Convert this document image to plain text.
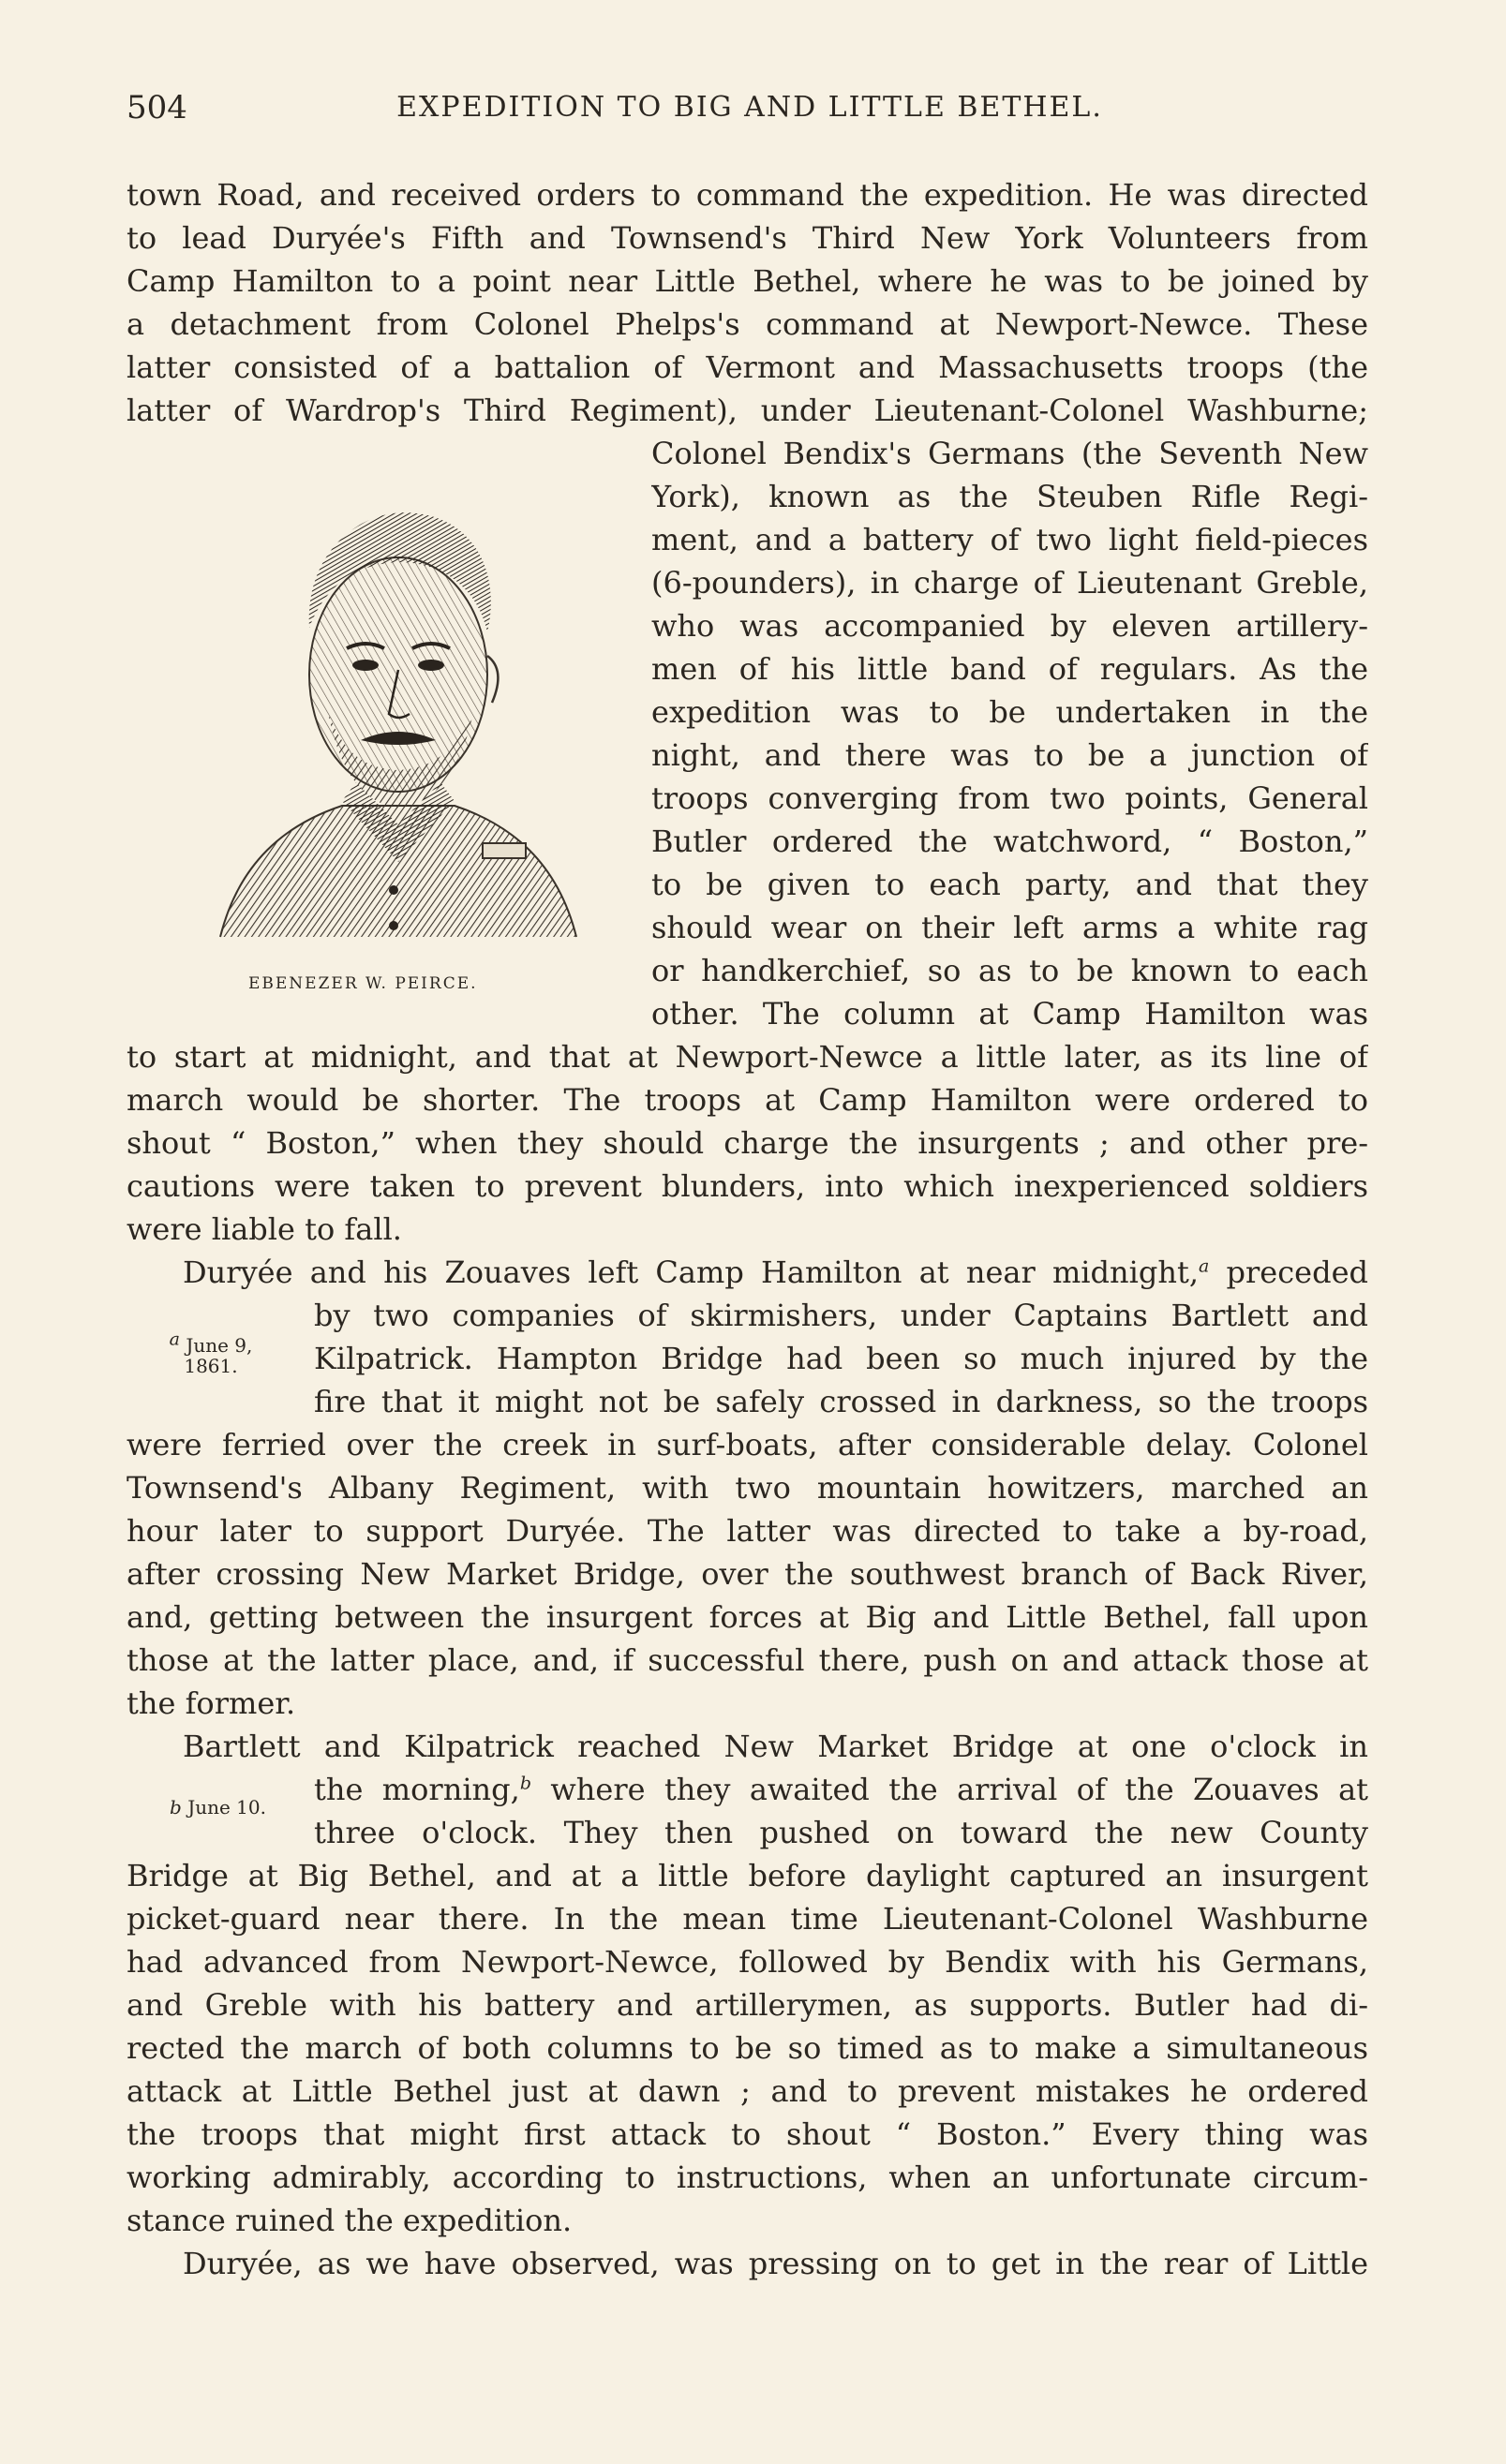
504	EXPEDITION TO BIG AND LITTLE BETHEL.
EBENEZER W. PEIRCE.
$^a$ June 9,
1861.
b June 10.
town Road, and received orders to command the expedition. He was directed
to lead Duryée's Fifth and Townsend's Third New York Volunteers from
Camp Hamilton to a point near Little Bethel, where he was to be joined by
a detachment from Colonel Phelps's command at Newport-Newce. These
latter consisted of a battalion of Vermont and Massachusetts troops (the
latter of Wardrop's Third Regiment), under Lieutenant-Colonel Washburne;
Colonel Bendix's Germans (the Seventh New
York), known as the Steuben Rifle Regi-
ment, and a battery of two light field-pieces
(6-pounders), in charge of Lieutenant Greble,
who was accompanied by eleven artillery-
men of his little band of regulars. As the
expedition was to be undertaken in the
night, and there was to be a junction of
troops converging from two points, General
Butler ordered the watchword, “ Boston,”
to be given to each party, and that they
should wear on their left arms a white rag
or handkerchief, so as to be known to each
other. The column at Camp Hamilton was
to start at midnight, and that at Newport-Newce a little later, as its line of
march would be shorter. The troops at Camp Hamilton were ordered to
shout “ Boston,” when they should charge the insurgents ; and other pre-
cautions were taken to prevent blunders, into which inexperienced soldiers
were liable to fall.
Duryée and his Zouaves left Camp Hamilton at near midnight,$^a$ preceded
by two companies of skirmishers, under Captains Bartlett and
Kilpatrick. Hampton Bridge had been so much injured by the
fire that it might not be safely crossed in darkness, so the troops
were ferried over the creek in surf-boats, after considerable delay. Colonel
Townsend's Albany Regiment, with two mountain howitzers, marched an
hour later to support Duryée. The latter was directed to take a by-road,
after crossing New Market Bridge, over the southwest branch of Back River,
and, getting between the insurgent forces at Big and Little Bethel, fall upon
those at the latter place, and, if successful there, push on and attack those at
the former.
Bartlett and Kilpatrick reached New Market Bridge at one o'clock in
the morning,$^b$ where they awaited the arrival of the Zouaves at
three o'clock. They then pushed on toward the new County
Bridge at Big Bethel, and at a little before daylight captured an insurgent
picket-guard near there. In the mean time Lieutenant-Colonel Washburne
had advanced from Newport-Newce, followed by Bendix with his Germans,
and Greble with his battery and artillerymen, as supports. Butler had di-
rected the march of both columns to be so timed as to make a simultaneous
attack at Little Bethel just at dawn ; and to prevent mistakes he ordered
the troops that might first attack to shout “ Boston.” Every thing was
working admirably, according to instructions, when an unfortunate circum-
stance ruined the expedition.
Duryée, as we have observed, was pressing on to get in the rear of Little
